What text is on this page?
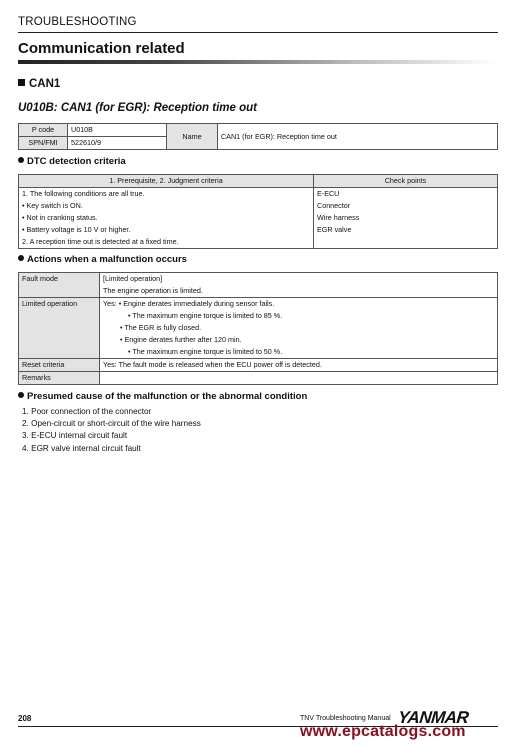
TROUBLESHOOTING
Communication related
CAN1
U010B: CAN1 (for EGR): Reception time out
P code	U010B	Name	CAN1 (for EGR): Reception time out
SPN/FMI	522610/9		
DTC detection criteria
1. Prerequisite, 2. Judgment criteria	Check points
1. The following conditions are all true.	E-ECU
• Key switch is ON.	Connector
• Not in cranking status.	Wire harness
• Battery voltage is 10 V or higher.	EGR valve
2. A reception time out is detected at a fixed time.	
Actions when a malfunction occurs
Fault mode	[Limited operation]
	The engine operation is limited.
Limited operation	Yes: • Engine derates immediately during sensor fails.
	• The maximum engine torque is limited to 85 %.
	• The EGR is fully closed.
	• Engine derates further after 120 min.
	• The maximum engine torque is limited to 50 %.
Reset criteria	Yes: The fault mode is released when the ECU power off is detected.
Remarks	
Presumed cause of the malfunction or the abnormal condition
1. Poor connection of the connector
2. Open-circuit or short-circuit of the wire harness
3. E-ECU internal circuit fault
4. EGR valve internal circuit fault
208	TNV Troubleshooting Manual YANMAR
www.epcatalogs.com
